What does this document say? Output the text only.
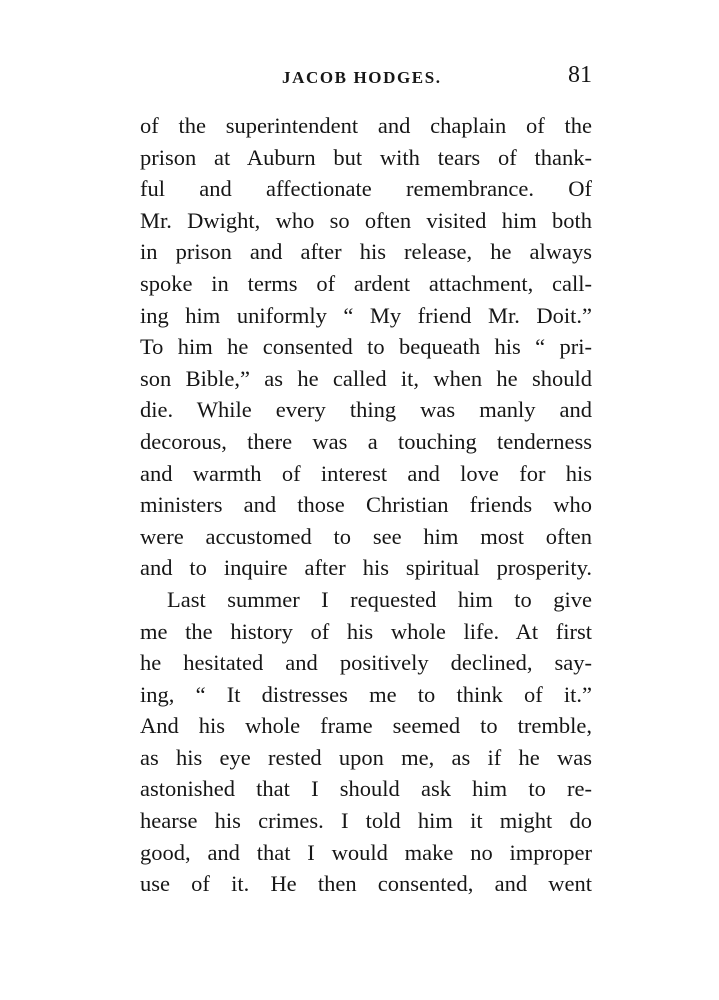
JACOB HODGES.	81
of the superintendent and chaplain of the
prison at Auburn but with tears of thank-
ful and affectionate remembrance. Of
Mr. Dwight, who so often visited him both
in prison and after his release, he always
spoke in terms of ardent attachment, call-
ing him uniformly “ My friend Mr. Doit.”
To him he consented to bequeath his “ pri-
son Bible,” as he called it, when he should
die. While every thing was manly and
decorous, there was a touching tenderness
and warmth of interest and love for his
ministers and those Christian friends who
were accustomed to see him most often
and to inquire after his spiritual prosperity.
Last summer I requested him to give
me the history of his whole life. At first
he hesitated and positively declined, say-
ing, “ It distresses me to think of it.”
And his whole frame seemed to tremble,
as his eye rested upon me, as if he was
astonished that I should ask him to re-
hearse his crimes. I told him it might do
good, and that I would make no improper
use of it. He then consented, and went
